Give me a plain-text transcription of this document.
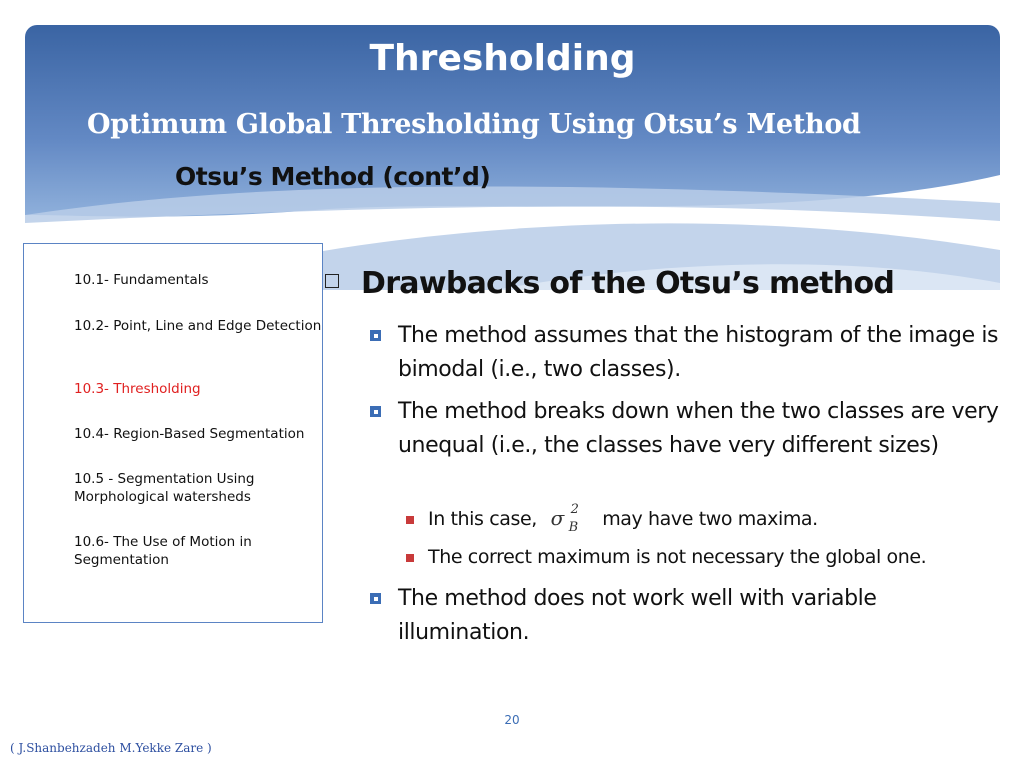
Thresholding
Optimum Global Thresholding Using Otsu’s Method
Otsu’s Method (cont’d)
10.1- Fundamentals
10.2- Point, Line and Edge Detection
10.3- Thresholding
10.4- Region-Based Segmentation
10.5 - Segmentation Using Morphological watersheds
10.6- The Use of Motion in Segmentation
Drawbacks of the Otsu’s method
The method assumes that the histogram of the image is bimodal (i.e., two classes).
The method breaks down when the two classes are very unequal (i.e., the classes have very different sizes)
In this case, σ 2
B may have two maxima.
The correct maximum is not necessary the global one.
The method does not work well with variable illumination.
20
( J.Shanbehzadeh M.Yekke Zare )
